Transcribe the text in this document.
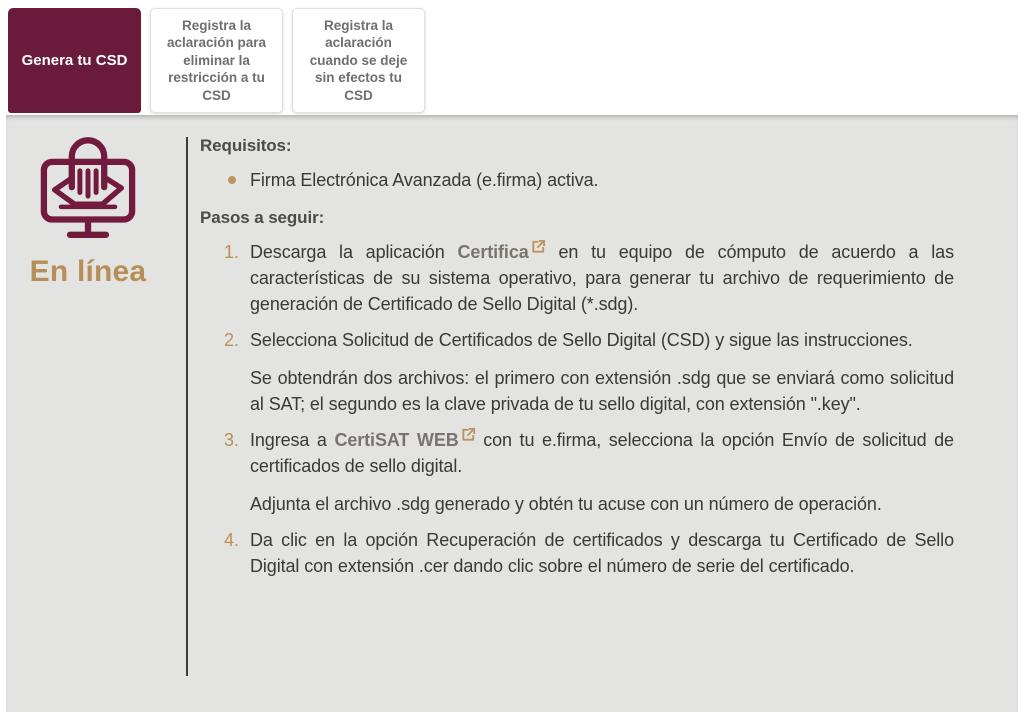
Genera tu CSD
Registra la aclaración para eliminar la restricción a tu CSD
Registra la aclaración cuando se deje sin efectos tu CSD
En línea
Requisitos:
Firma Electrónica Avanzada (e.firma) activa.
Pasos a seguir:
1. Descarga la aplicación Certifica en tu equipo de cómputo de acuerdo a las características de su sistema operativo, para generar tu archivo de requerimiento de generación de Certificado de Sello Digital (*.sdg).
2. Selecciona Solicitud de Certificados de Sello Digital (CSD) y sigue las instrucciones.
Se obtendrán dos archivos: el primero con extensión .sdg que se enviará como solicitud al SAT; el segundo es la clave privada de tu sello digital, con extensión ".key".
3. Ingresa a CertiSAT WEB con tu e.firma, selecciona la opción Envío de solicitud de certificados de sello digital.
Adjunta el archivo .sdg generado y obtén tu acuse con un número de operación.
4. Da clic en la opción Recuperación de certificados y descarga tu Certificado de Sello Digital con extensión .cer dando clic sobre el número de serie del certificado.
